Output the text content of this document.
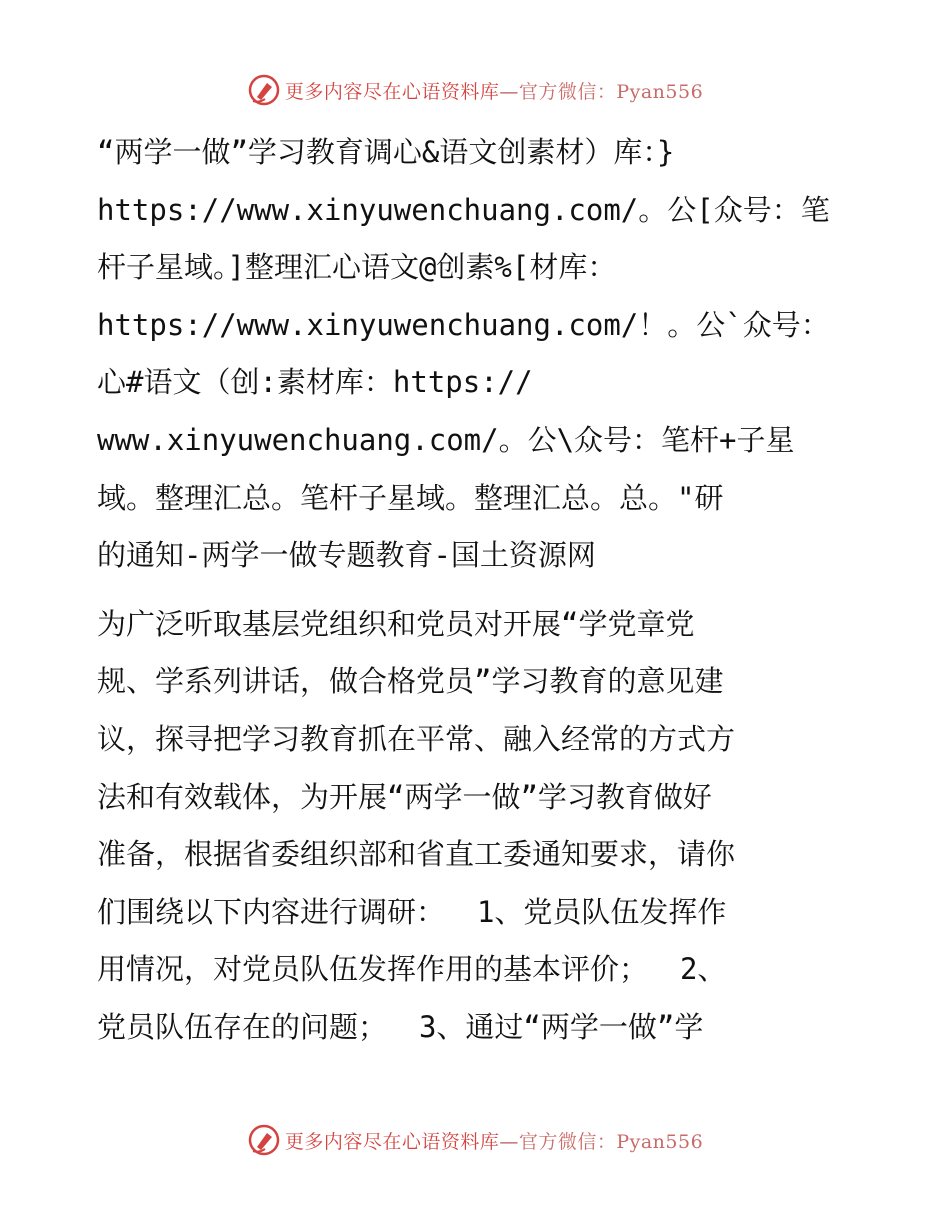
更多内容尽在心语资料库—官方微信：Pyan556
“两学一做”学习教育调心&语文创素材）库：}
https://www.xinyuwenchuang.com/。公[众号：笔
杆子星域。]整理汇心语文@创素%[材库：
https://www.xinyuwenchuang.com/！。公`众号：
心#语文（创:素材库：https://
www.xinyuwenchuang.com/。公\众号：笔杆+子星
域。整理汇总。笔杆子星域。整理汇总。总。"研
的通知-两学一做专题教育-国土资源网
为广泛听取基层党组织和党员对开展“学党章党
规、学系列讲话，做合格党员”学习教育的意见建
议，探寻把学习教育抓在平常、融入经常的方式方
法和有效载体，为开展“两学一做”学习教育做好
准备，根据省委组织部和省直工委通知要求，请你
们围绕以下内容进行调研：　 1、党员队伍发挥作
用情况，对党员队伍发挥作用的基本评价；　 2、
党员队伍存在的问题；　 3、通过“两学一做”学
更多内容尽在心语资料库—官方微信：Pyan556
